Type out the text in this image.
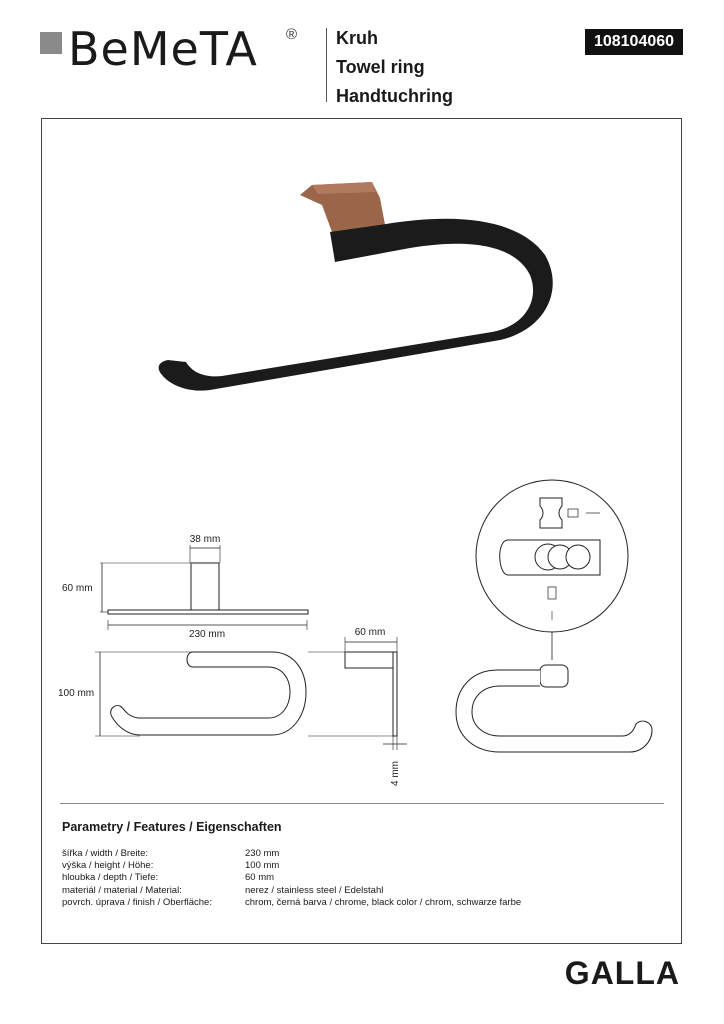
BeMeTA ® Kruh
Towel ring
Handtuchring
108104060
38 mm
60 mm
230 mm
100 mm
60 mm
4 mm
Parametry / Features / Eigenschaften
šířka / width / Breite:	230 mm
výška / height / Höhe:	100 mm
hloubka / depth / Tiefe:	60 mm
materiál / material / Material:	nerez / stainless steel / Edelstahl
povrch. úprava / finish / Oberfläche:	chrom, černá barva / chrome, black color / chrom, schwarze farbe
GALLA
